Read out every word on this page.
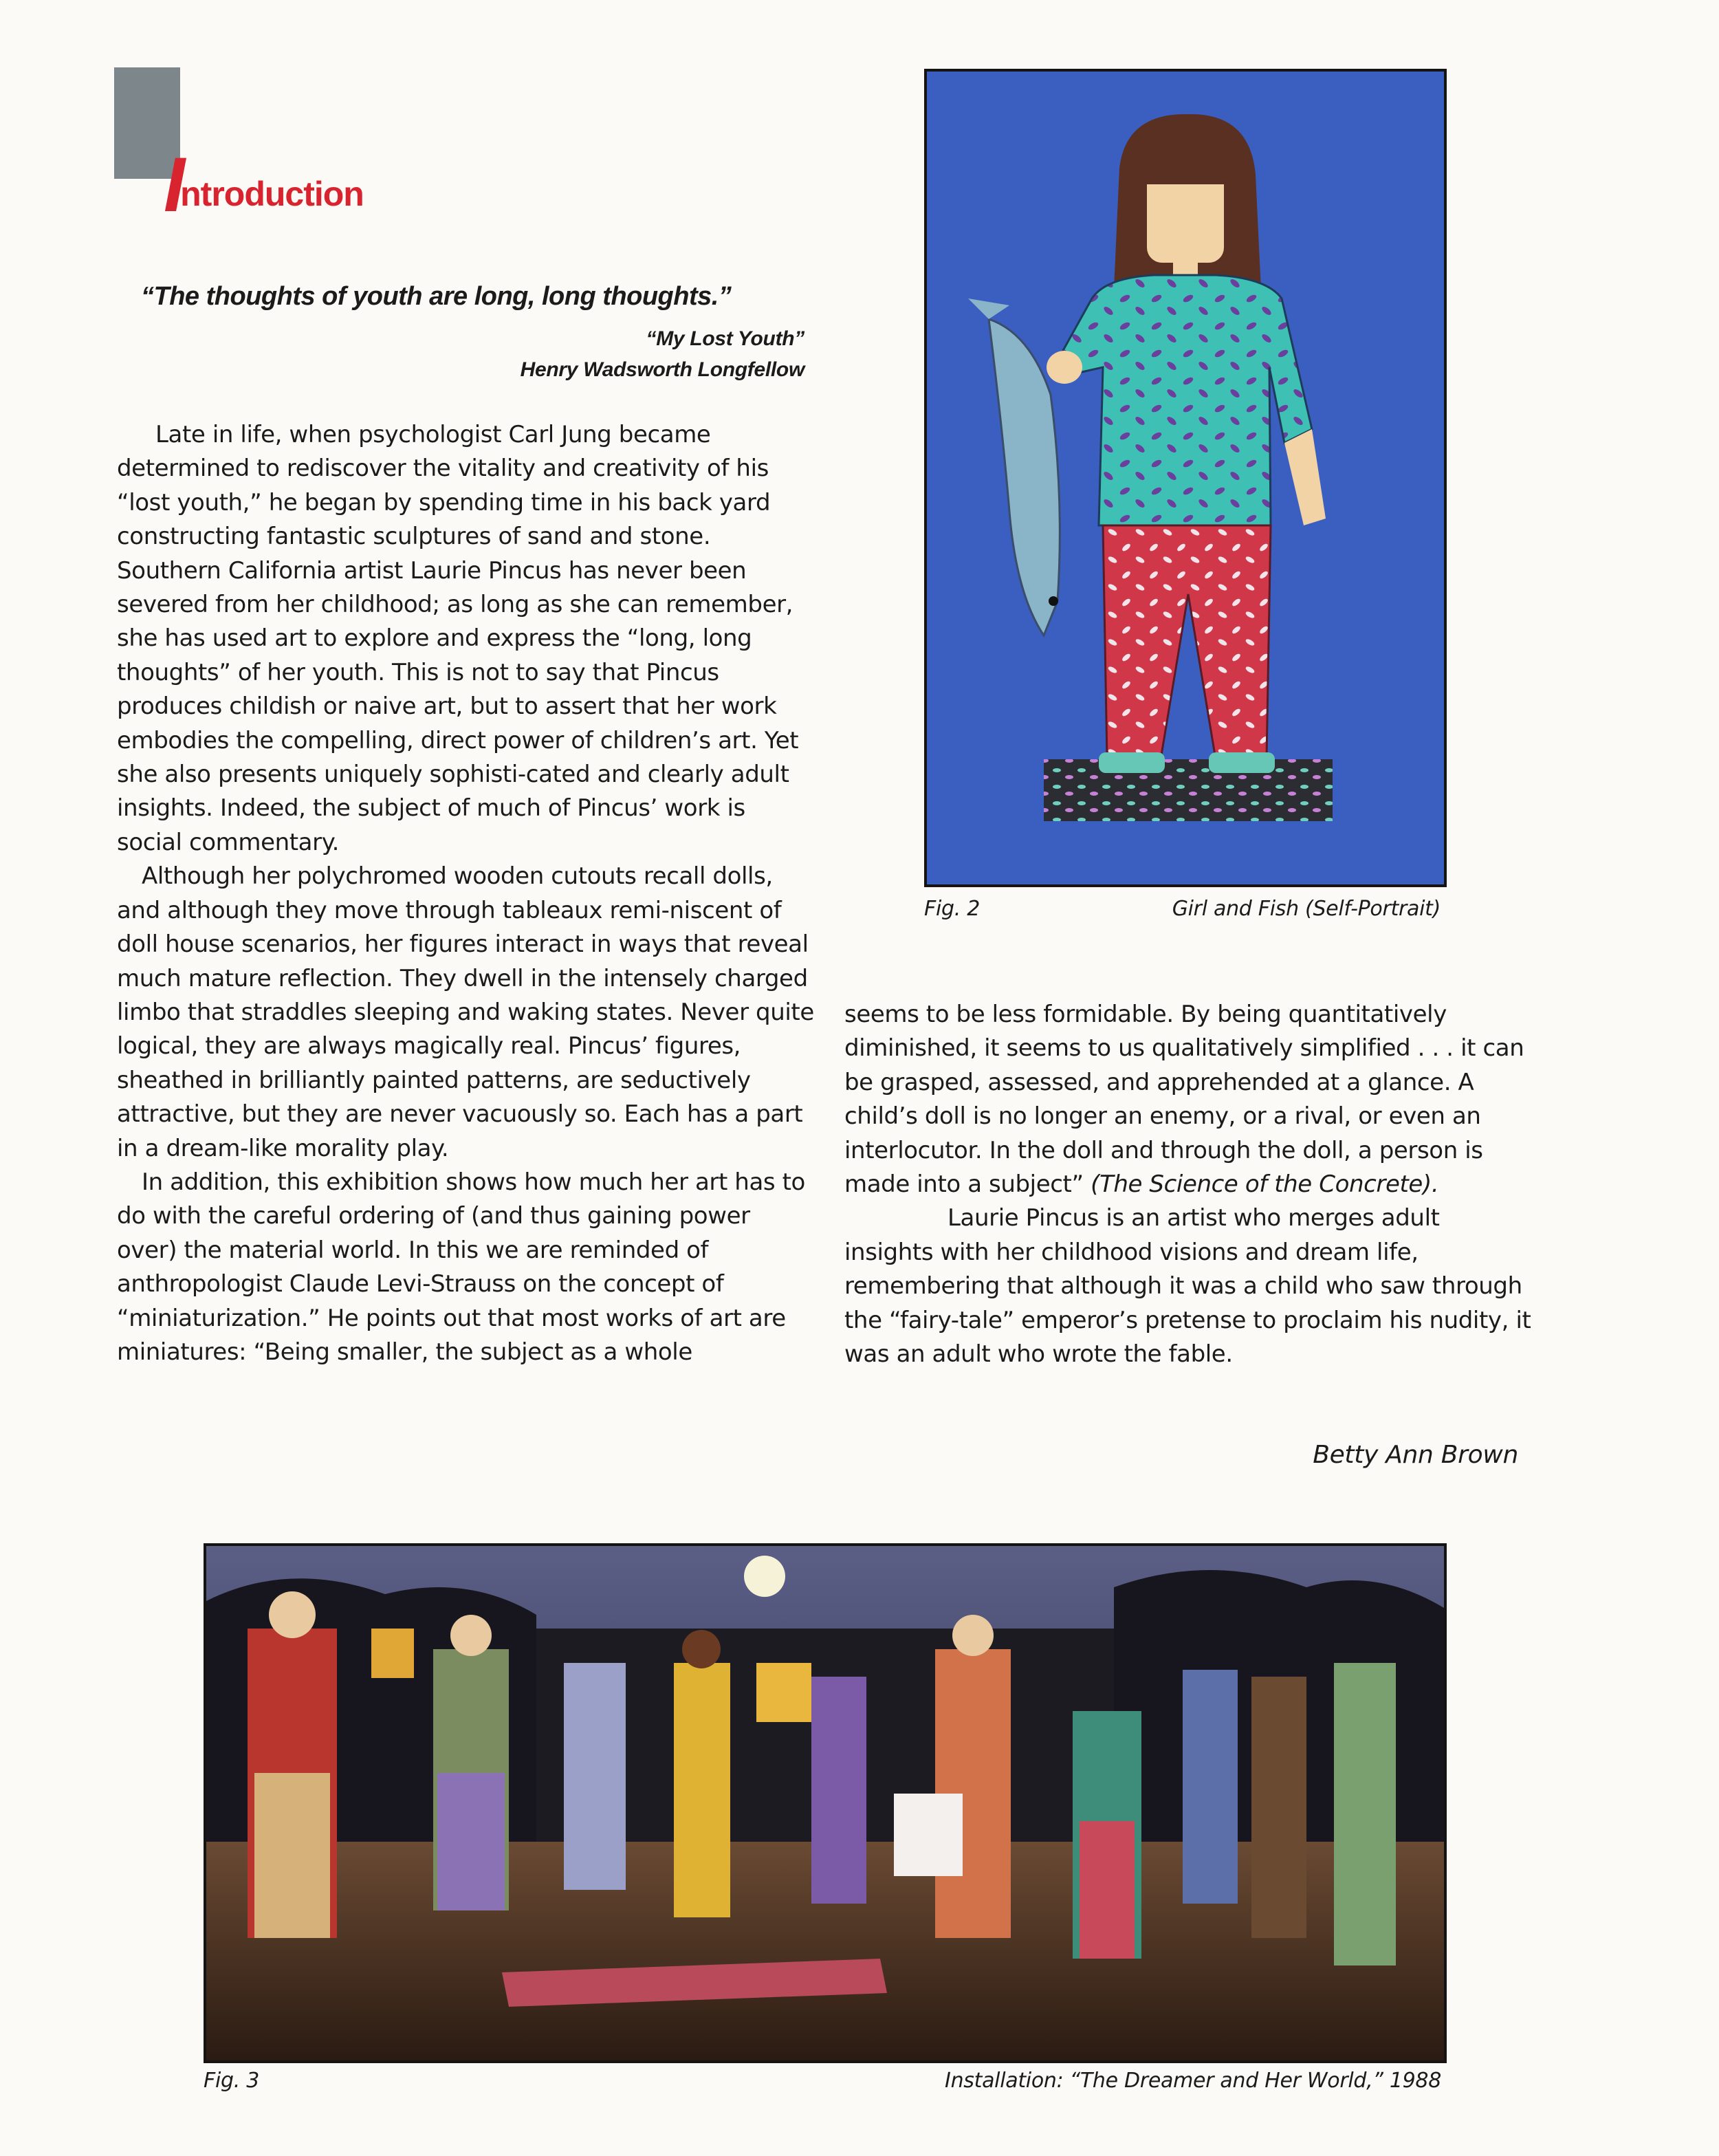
Introduction

“The thoughts of youth are long, long thoughts.”

“My Lost Youth”

Henry Wadsworth Longfellow

Late in life, when psychologist Carl Jung became determined to rediscover the vitality and creativity of his “lost youth,” he began by spending time in his back yard constructing fantastic sculptures of sand and stone. Southern California artist Laurie Pincus has never been severed from her childhood; as long as she can remember, she has used art to explore and express the “long, long thoughts” of her youth. This is not to say that Pincus produces childish or naive art, but to assert that her work embodies the compelling, direct power of children’s art. Yet she also presents uniquely sophisti-cated and clearly adult insights. Indeed, the subject of much of Pincus’ work is social commentary.

Although her polychromed wooden cutouts recall dolls, and although they move through tableaux remi-niscent of doll house scenarios, her figures interact in ways that reveal much mature reflection. They dwell in the intensely charged limbo that straddles sleeping and waking states. Never quite logical, they are always magically real. Pincus’ figures, sheathed in brilliantly painted patterns, are seductively attractive, but they are never vacuously so. Each has a part in a dream-like morality play.

In addition, this exhibition shows how much her art has to do with the careful ordering of (and thus gaining power over) the material world. In this we are reminded of anthropologist Claude Levi-Strauss on the concept of “miniaturization.” He points out that most works of art are miniatures: “Being smaller, the subject as a whole

Fig. 2	Girl and Fish (Self-Portrait)

seems to be less formidable. By being quantitatively diminished, it seems to us qualitatively simplified . . . it can be grasped, assessed, and apprehended at a glance. A child’s doll is no longer an enemy, or a rival, or even an interlocutor. In the doll and through the doll, a person is made into a subject” (The Science of the Concrete).

Laurie Pincus is an artist who merges adult insights with her childhood visions and dream life, remembering that although it was a child who saw through the “fairy-tale” emperor’s pretense to proclaim his nudity, it was an adult who wrote the fable.

Betty Ann Brown

Fig. 3	Installation: “The Dreamer and Her World,” 1988
